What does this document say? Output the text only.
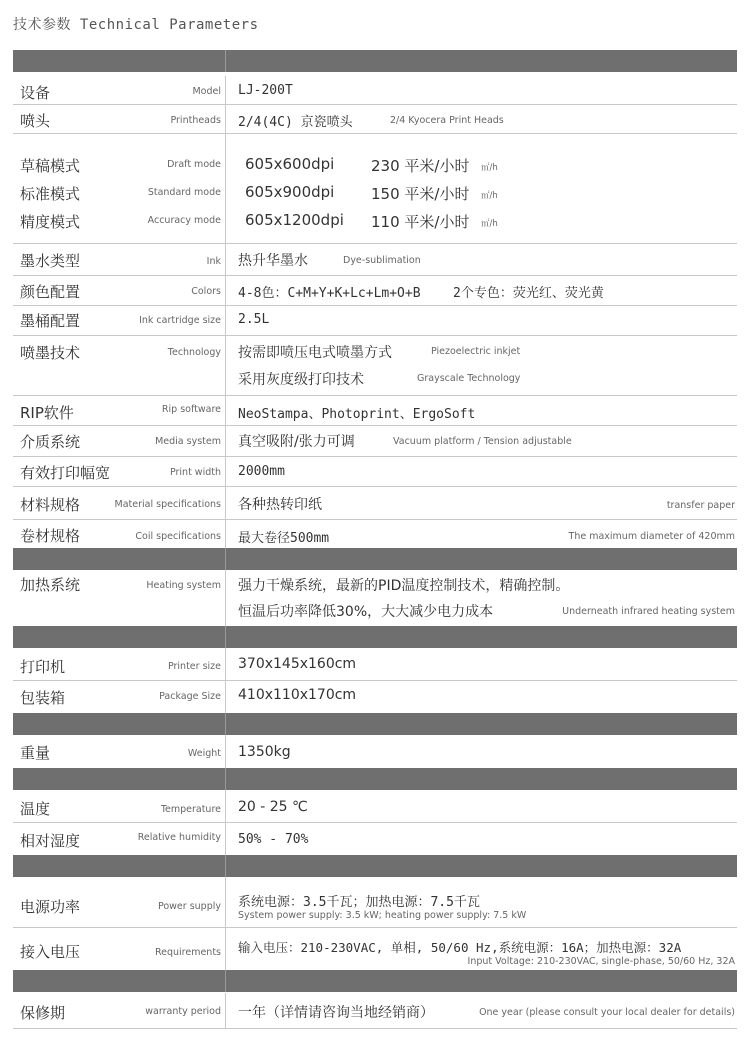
技术参数 Technical Parameters
设备	Model LJ-200T
喷头	Printheads 2/4(4C) 京瓷喷头	2/4 Kyocera Print Heads
草稿模式	Draft mode 605x600dpi 230 平米/小时 ㎡/h
标准模式	Standard mode 605x900dpi 150 平米/小时 ㎡/h
精度模式	Accuracy mode 605x1200dpi 110 平米/小时 ㎡/h
墨水类型	Ink 热升华墨水	Dye-sublimation
颜色配置	Colors 4-8色：C+M+Y+K+Lc+Lm+O+B 2个专色：荧光红、荧光黄
墨桶配置	Ink cartridge size 2.5L
喷墨技术	Technology 按需即喷压电式喷墨方式	Piezoelectric inkjet
采用灰度级打印技术	Grayscale Technology
RIP软件	Rip software NeoStampa、Photoprint、ErgoSoft
介质系统	Media system 真空吸附/张力可调	Vacuum platform / Tension adjustable
有效打印幅宽	Print width 2000mm
材料规格	Material specifications 各种热转印纸	transfer paper
卷材规格	Coil specifications 最大卷径500mm	The maximum diameter of 420mm
加热系统	Heating system 强力干燥系统，最新的PID温度控制技术，精确控制。
恒温后功率降低30%，大大减少电力成本	Underneath infrared heating system
打印机	Printer size 370x145x160cm
包装箱	Package Size 410x110x170cm
重量	Weight 1350kg
温度	Temperature 20 - 25 ℃
相对湿度	Relative humidity 50% - 70%
电源功率	Power supply 系统电源：3.5千瓦；加热电源：7.5千瓦
System power supply: 3.5 kW; heating power supply: 7.5 kW
接入电压	Requirements 输入电压：210-230VAC, 单相, 50/60 Hz,系统电源：16A；加热电源：32A
Input Voltage: 210-230VAC, single-phase, 50/60 Hz, 32A
保修期	warranty period 一年（详情请咨询当地经销商）	One year (please consult your local dealer for details)
